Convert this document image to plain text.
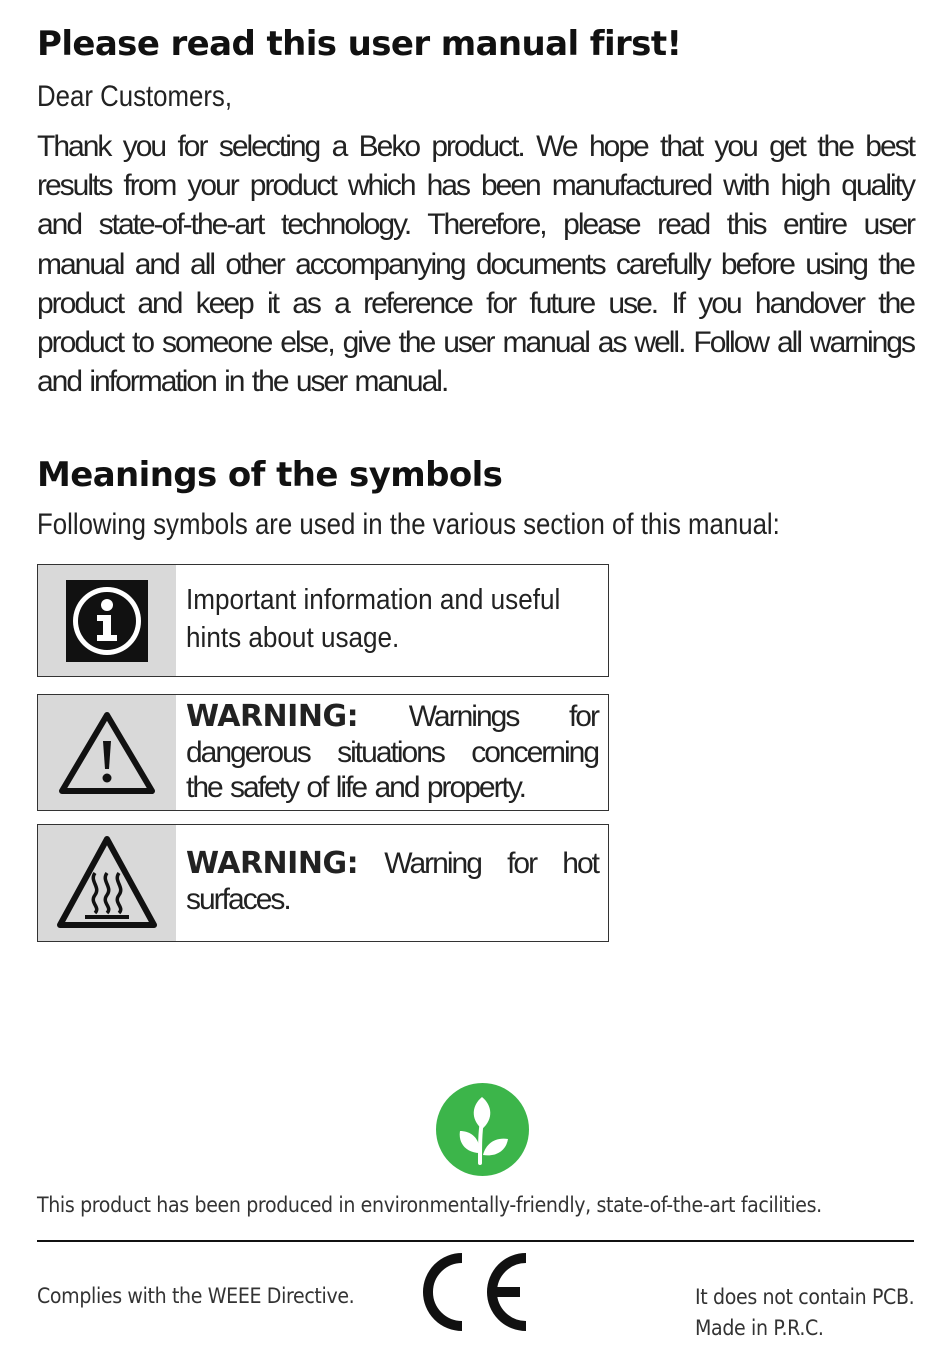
Please read this user manual first!

Dear Customers,

Thank you for selecting a Beko product. We hope that you get the best results from your product which has been manufactured with high quality and state-of-the-art technology. Therefore, please read this entire user manual and all other accompanying documents carefully before using the product and keep it as a reference for future use. If you handover the product to someone else, give the user manual as well. Follow all warnings and information in the user manual.

Meanings of the symbols

Following symbols are used in the various section of this manual:

Important information and useful hints about usage.
WARNING: Warnings for dangerous situations concerning the safety of life and property.
WARNING: Warning for hot surfaces.

This product has been produced in environmentally-friendly, state-of-the-art facilities.

Complies with the WEEE Directive.	It does not contain PCB.
Made in P.R.C.
